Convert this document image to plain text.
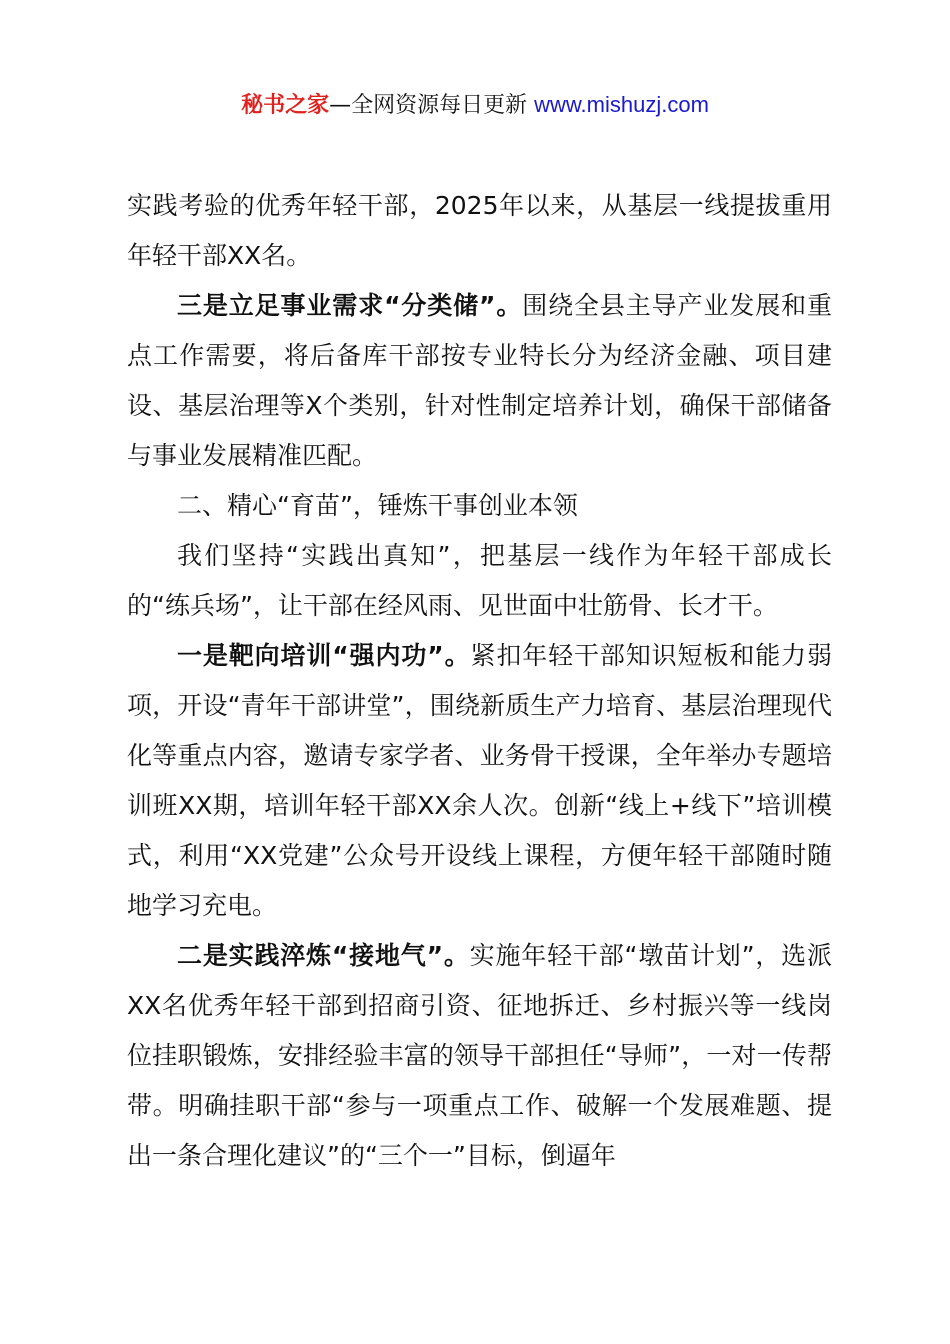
秘书之家—全网资源每日更新 www.mishuzj.com

实践考验的优秀年轻干部，2025年以来，从基层一线提拔重用年轻干部XX名。

三是立足事业需求“分类储”。围绕全县主导产业发展和重点工作需要，将后备库干部按专业特长分为经济金融、项目建设、基层治理等X个类别，针对性制定培养计划，确保干部储备与事业发展精准匹配。

二、精心“育苗”，锤炼干事创业本领

我们坚持“实践出真知”，把基层一线作为年轻干部成长的“练兵场”，让干部在经风雨、见世面中壮筋骨、长才干。

一是靶向培训“强内功”。紧扣年轻干部知识短板和能力弱项，开设“青年干部讲堂”，围绕新质生产力培育、基层治理现代化等重点内容，邀请专家学者、业务骨干授课，全年举办专题培训班XX期，培训年轻干部XX余人次。创新“线上+线下”培训模式，利用“XX党建”公众号开设线上课程，方便年轻干部随时随地学习充电。

二是实践淬炼“接地气”。实施年轻干部“墩苗计划”，选派XX名优秀年轻干部到招商引资、征地拆迁、乡村振兴等一线岗位挂职锻炼，安排经验丰富的领导干部担任“导师”，一对一传帮带。明确挂职干部“参与一项重点工作、破解一个发展难题、提出一条合理化建议”的“三个一”目标，倒逼年
